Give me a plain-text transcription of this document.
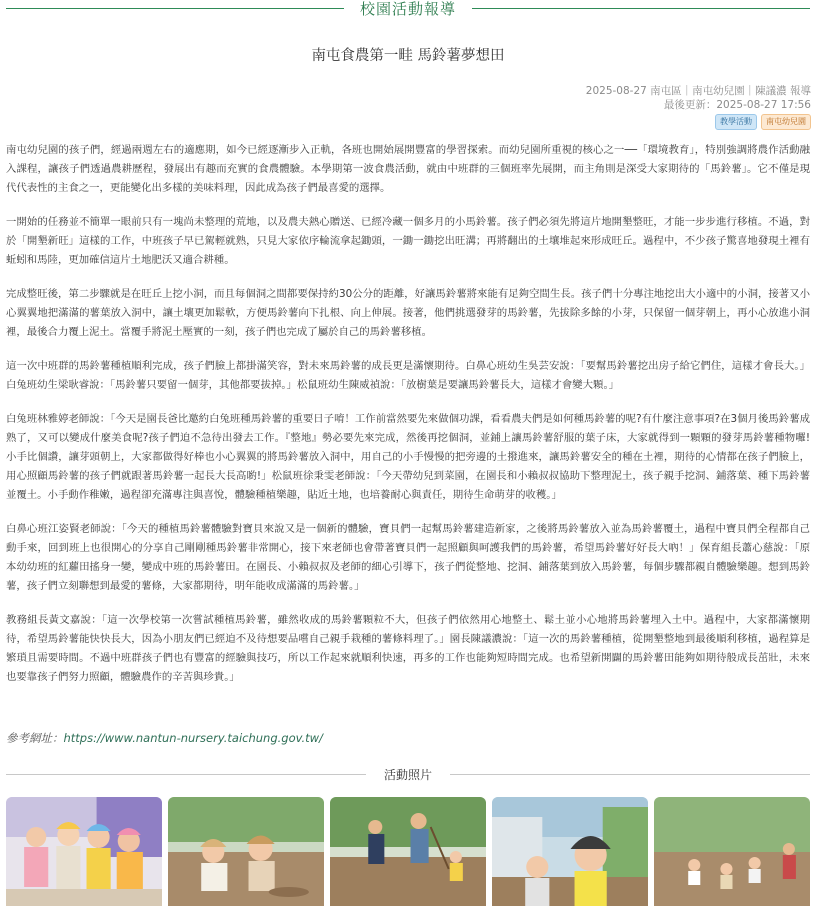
校園活動報導
南屯食農第一畦 馬鈴薯夢想田
2025-08-27 南屯區｜南屯幼兒園｜陳議濃 報導
最後更新：2025-08-27 17:56
教學活動	南屯幼兒園

南屯幼兒園的孩子們，經過兩週左右的適應期，如今已經逐漸步入正軌，各班也開始展開豐富的學習探索。而幼兒園所重視的核心之一──「環境教育」，特別強調將農作活動融入課程，讓孩子們透過農耕歷程，發展出有趣而充實的食農體驗。本學期第一波食農活動，就由中班群的三個班率先展開，而主角則是深受大家期待的「馬鈴薯」。它不僅是現代代表性的主食之一，更能變化出多樣的美味料理，因此成為孩子們最喜愛的選擇。

一開始的任務並不簡單一眼前只有一塊尚未整理的荒地，以及農夫熱心贈送、已經冷藏一個多月的小馬鈴薯。孩子們必須先將這片地開墾整旺，才能一步步進行移植。不過，對於「開墾新旺」這樣的工作，中班孩子早已駕輕就熟，只見大家依序輪流拿起鋤頭，一鋤一鋤挖出旺溝；再將翻出的土壤堆起來形成旺丘。過程中，不少孩子驚喜地發現土裡有蚯蚓和馬陸，更加確信這片土地肥沃又適合耕種。

完成整旺後，第二步驟就是在旺丘上挖小洞，而且每個洞之間都要保持約30公分的距離，好讓馬鈴薯將來能有足夠空間生長。孩子們十分專注地挖出大小適中的小洞，接著又小心翼翼地把滿滿的薯葉放入洞中，讓土壤更加鬆軟，方便馬鈴薯向下扎根、向上伸展。接著，他們挑選發芽的馬鈴薯，先拔除多餘的小芽，只保留一個芽朝上，再小心放進小洞裡，最後合力覆上泥土。當覆手將泥土壓實的一刻，孩子們也完成了屬於自己的馬鈴薯移植。

這一次中班群的馬鈴薯種植順利完成，孩子們臉上都掛滿笑容，對未來馬鈴薯的成長更是滿懷期待。白鼻心班幼生吳芸安說：「要幫馬鈴薯挖出房子給它們住，這樣才會長大。」白兔班幼生梁耿睿說：「馬鈴薯只要留一個芽，其他都要拔掉。」松鼠班幼生陳威禎說：「放樹葉是要讓馬鈴薯長大，這樣才會變大顆。」

白兔班林雅婷老師說：「今天是園長爸比邀約白兔班種馬鈴薯的重要日子唷！工作前當然要先來做個功課，看看農夫們是如何種馬鈴薯的呢?有什麼注意事項?在3個月後馬鈴薯成熟了，又可以變成什麼美食呢?孩子們迫不急待出發去工作。『整地』勢必要先來完成，然後再挖個洞，並鋪上讓馬鈴薯舒服的葉子床，大家就得到一顆顆的發芽馬鈴薯種物囉!小手比個讚，讓芽頭朝上，大家都做得好棒也小心翼翼的將馬鈴薯放入洞中，用自己的小手慢慢的把旁邊的土撥進來，讓馬鈴薯安全的種在土裡，期待的心情都在孩子們臉上，用心照顧馬鈴薯的孩子們就跟著馬鈴薯一起長大長高喲!」松鼠班徐秉雯老師說：「今天帶幼兒到菜園，在園長和小賴叔叔協助下整理泥土，孩子親手挖洞、鋪落葉、種下馬鈴薯並覆土。小手動作稚嫩，過程卻充滿專注與喜悅，體驗種植樂趣，貼近土地，也培養耐心與責任，期待生命萌芽的收穫。」

白鼻心班江姿賢老師說：「今天的種植馬鈴薯體驗對寶貝來說又是一個新的體驗，寶貝們一起幫馬鈴薯建造新家，之後將馬鈴薯放入並為馬鈴薯覆土，過程中寶貝們全程都自己動手來，回到班上也很開心的分享自己剛剛種馬鈴薯非常開心，接下來老師也會帶著寶貝們一起照顧與呵護我們的馬鈴薯，希望馬鈴薯好好長大吶！」保育組長蕭心慈說：「原本幼幼班的紅蘿田搖身一變，變成中班的馬鈴薯田。在園長、小賴叔叔及老師的細心引導下，孩子們從整地、挖洞、鋪落葉到放入馬鈴薯，每個步驟都親自體驗樂趣。想到馬鈴薯，孩子們立刻聯想到最愛的薯條，大家都期待，明年能收成滿滿的馬鈴薯。」

教務組長黃文嘉說：「這一次學校第一次嘗試種植馬鈴薯，雖然收成的馬鈴薯顆粒不大，但孩子們依然用心地整土、鬆土並小心地將馬鈴薯埋入土中。過程中，大家都滿懷期待，希望馬鈴薯能快快長大，因為小朋友們已經迫不及待想要品嚐自己親手栽種的薯條料理了。」園長陳議濃說：「這一次的馬鈴薯種植，從開墾整地到最後順利移植，過程算是繁瑣且需要時間。不過中班群孩子們也有豐富的經驗與技巧，所以工作起來就順利快速，再多的工作也能夠短時間完成。也希望新開闢的馬鈴薯田能夠如期待般成長茁壯，未來也要靠孩子們努力照顧，體驗農作的辛苦與珍貴。」

參考網址：https://www.nantun-nursery.taichung.gov.tw/
活動照片
